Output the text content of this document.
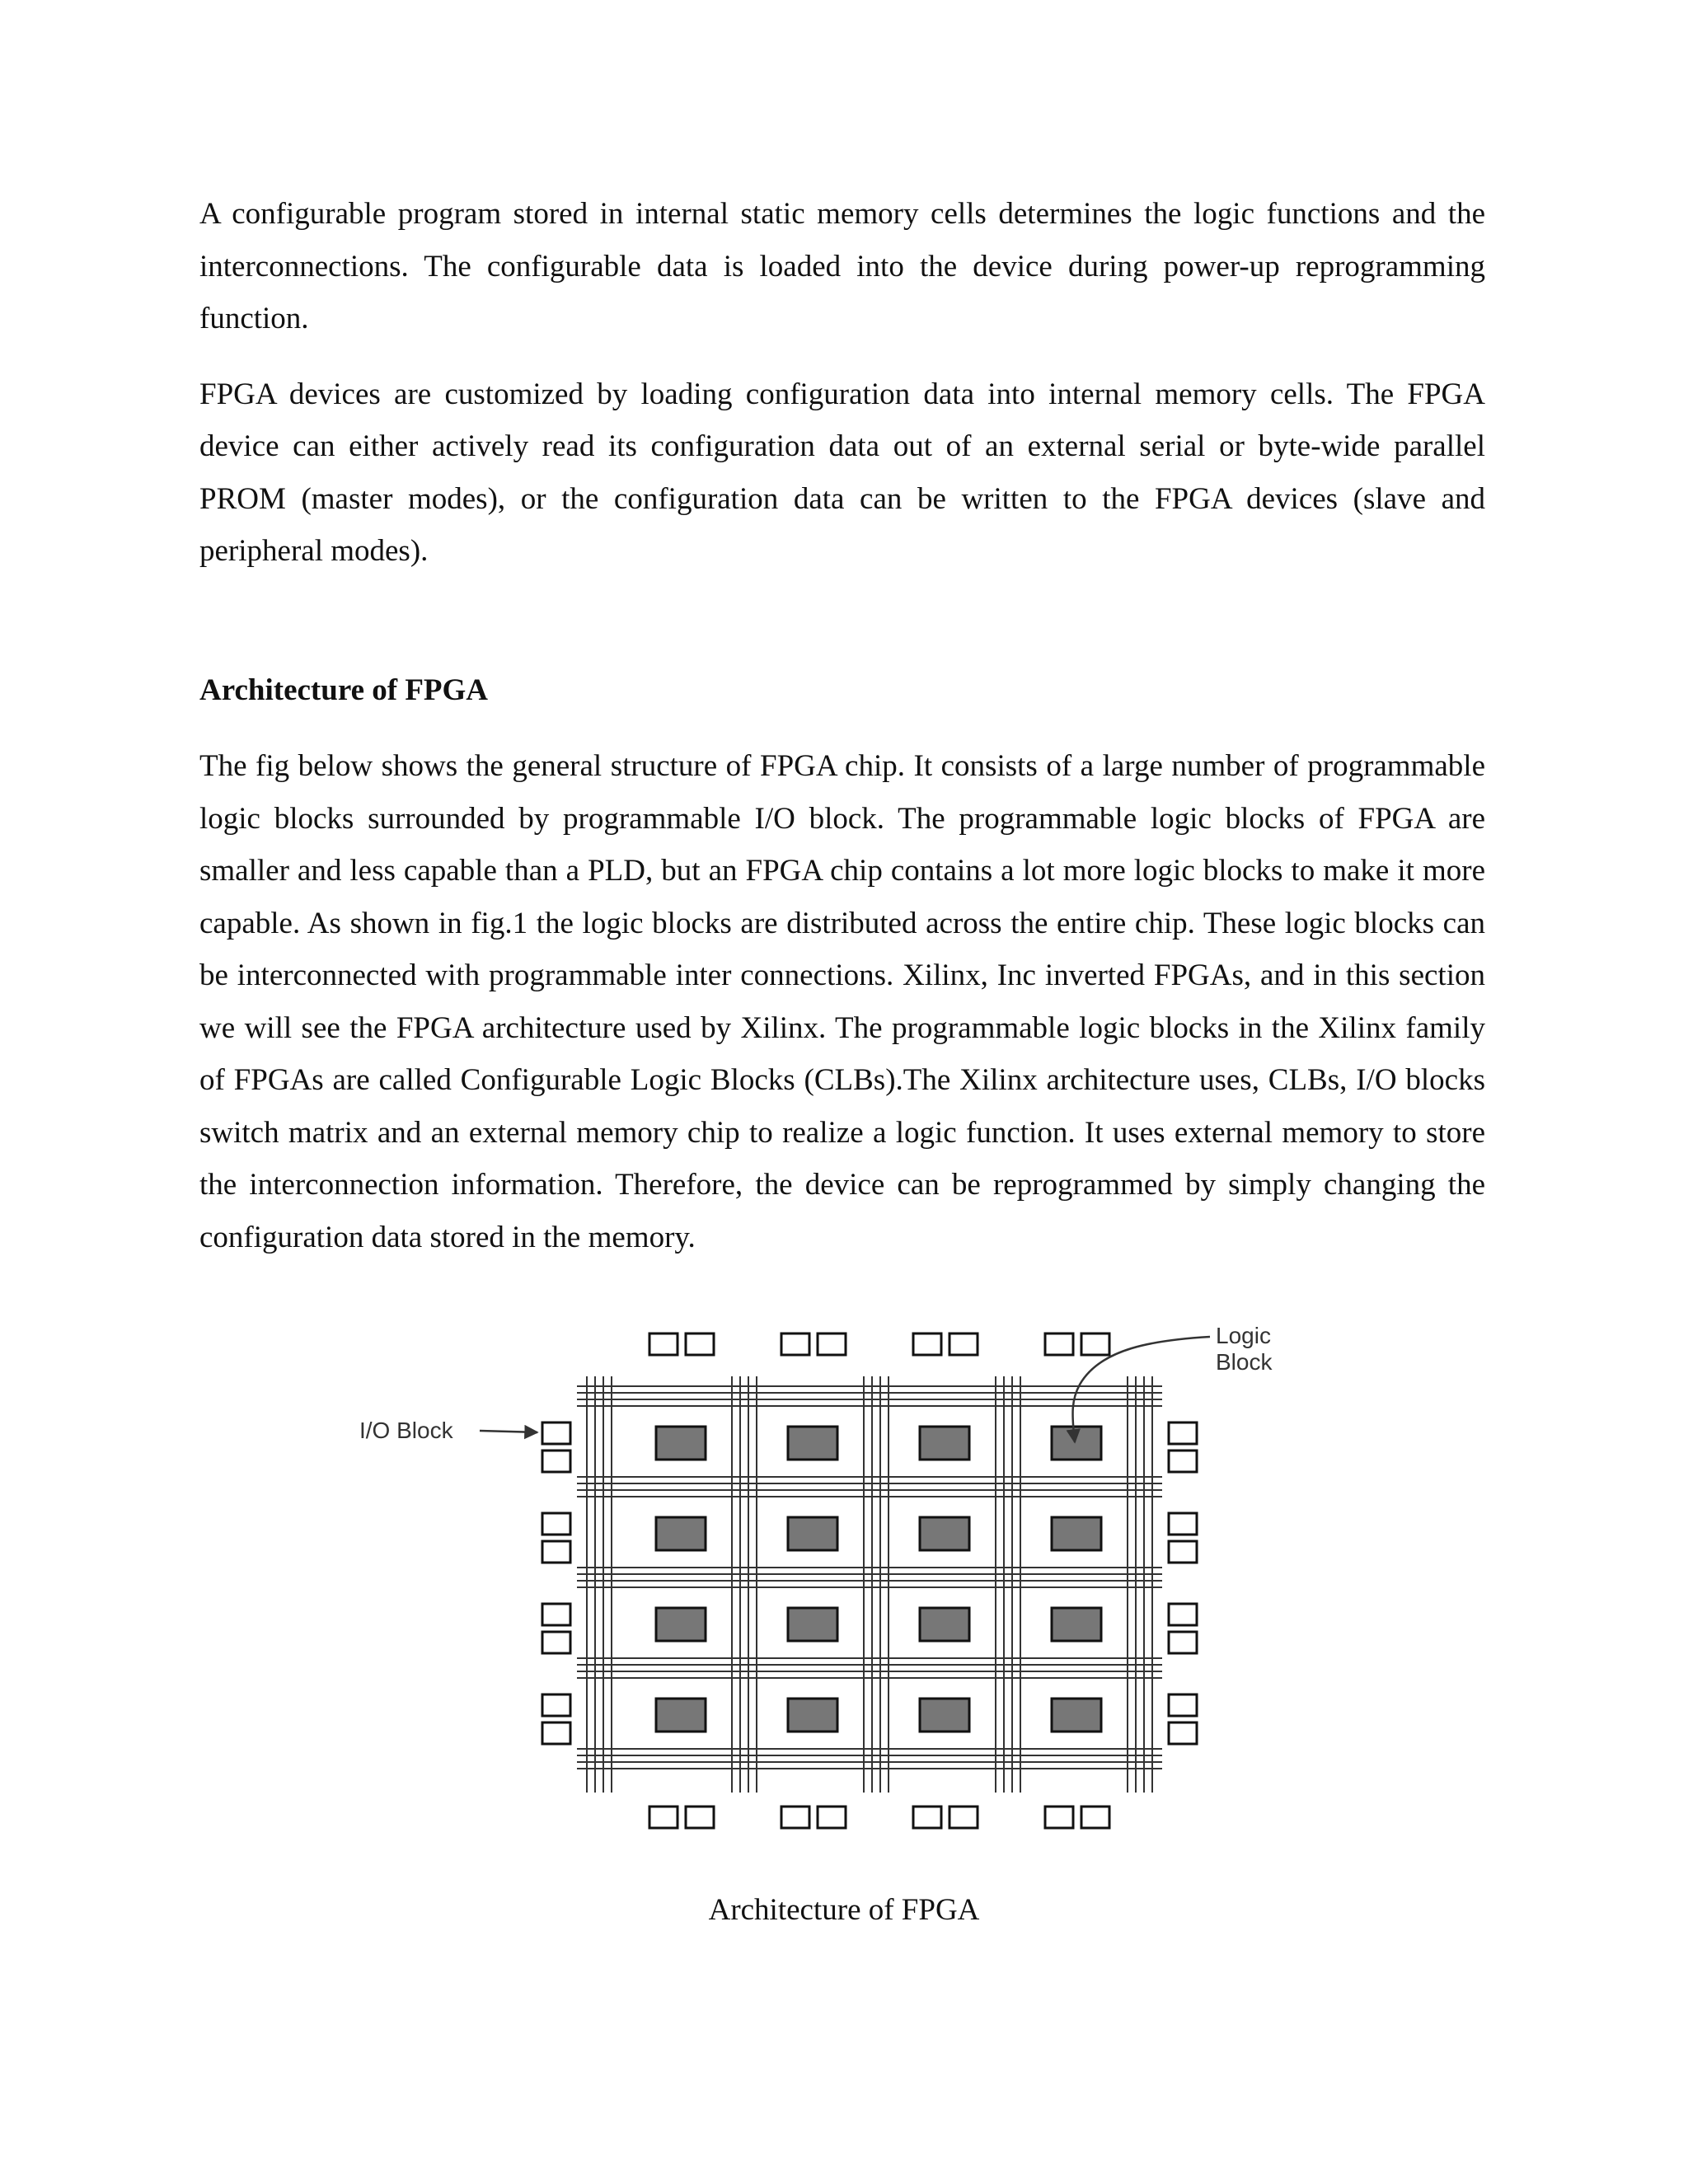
A configurable program stored in internal static memory cells determines the logic functions and the interconnections. The configurable data is loaded into the device during power-up reprogramming function.

FPGA devices are customized by loading configuration data into internal memory cells. The FPGA device can either actively read its configuration data out of an external serial or byte-wide parallel PROM (master modes), or the configuration data can be written to the FPGA devices (slave and peripheral modes).

Architecture of FPGA

The fig below shows the general structure of FPGA chip. It consists of a large number of programmable logic blocks surrounded by programmable I/O block. The programmable logic blocks of FPGA are smaller and less capable than a PLD, but an FPGA chip contains a lot more logic blocks to make it more capable. As shown in fig.1 the logic blocks are distributed across the entire chip. These logic blocks can be interconnected with programmable inter connections. Xilinx, Inc inverted FPGAs, and in this section we will see the FPGA architecture used by Xilinx. The programmable logic blocks in the Xilinx family of FPGAs are called Configurable Logic Blocks (CLBs).The Xilinx architecture uses, CLBs, I/O blocks switch matrix and an external memory chip to realize a logic function. It uses external memory to store the interconnection information. Therefore, the device can be reprogrammed by simply changing the configuration data stored in the memory.

I/O Block
Logic
Block
Architecture of FPGA
